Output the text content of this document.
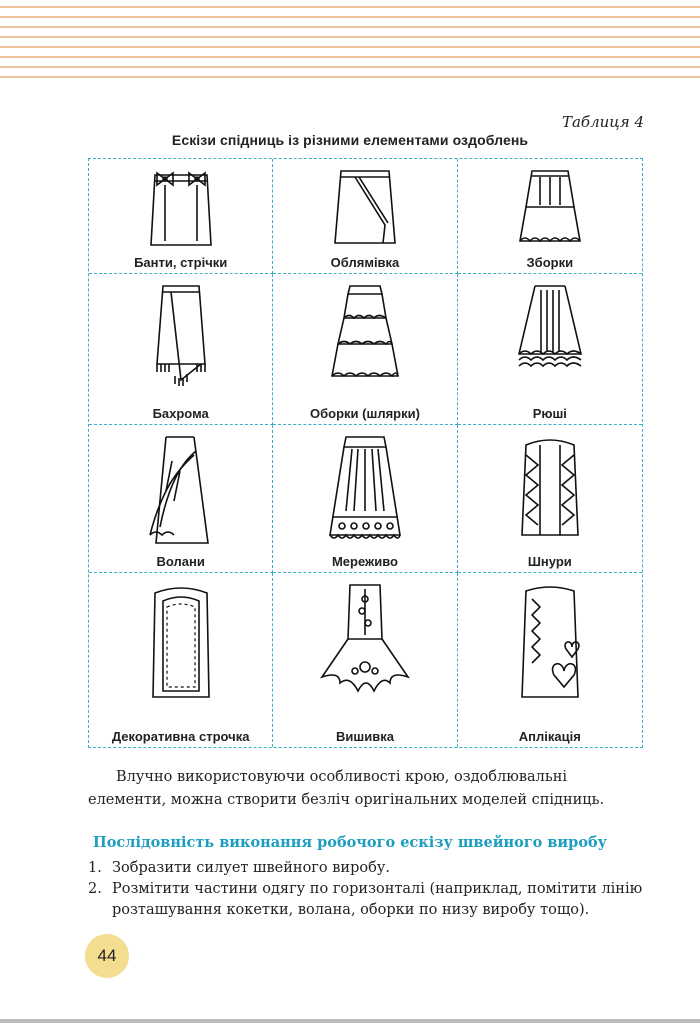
Таблиця 4
Ескізи спідниць із різними елементами оздоблень
Банти, стрічки	Облямівка	Зборки
Бахрома	Оборки (шлярки)	Рюші
Волани	Мереживо	Шнури
Декоративна строчка	Вишивка	Аплікація
Влучно використовуючи особливості крою, оздоблювальні елементи, можна створити безліч оригінальних моделей спідниць.
Послідовність виконання робочого ескізу швейного виробу
1. Зобразити силует швейного виробу.
2. Розмітити частини одягу по горизонталі (наприклад, помітити лінію розташування кокетки, волана, оборки по низу виробу тощо).
44
